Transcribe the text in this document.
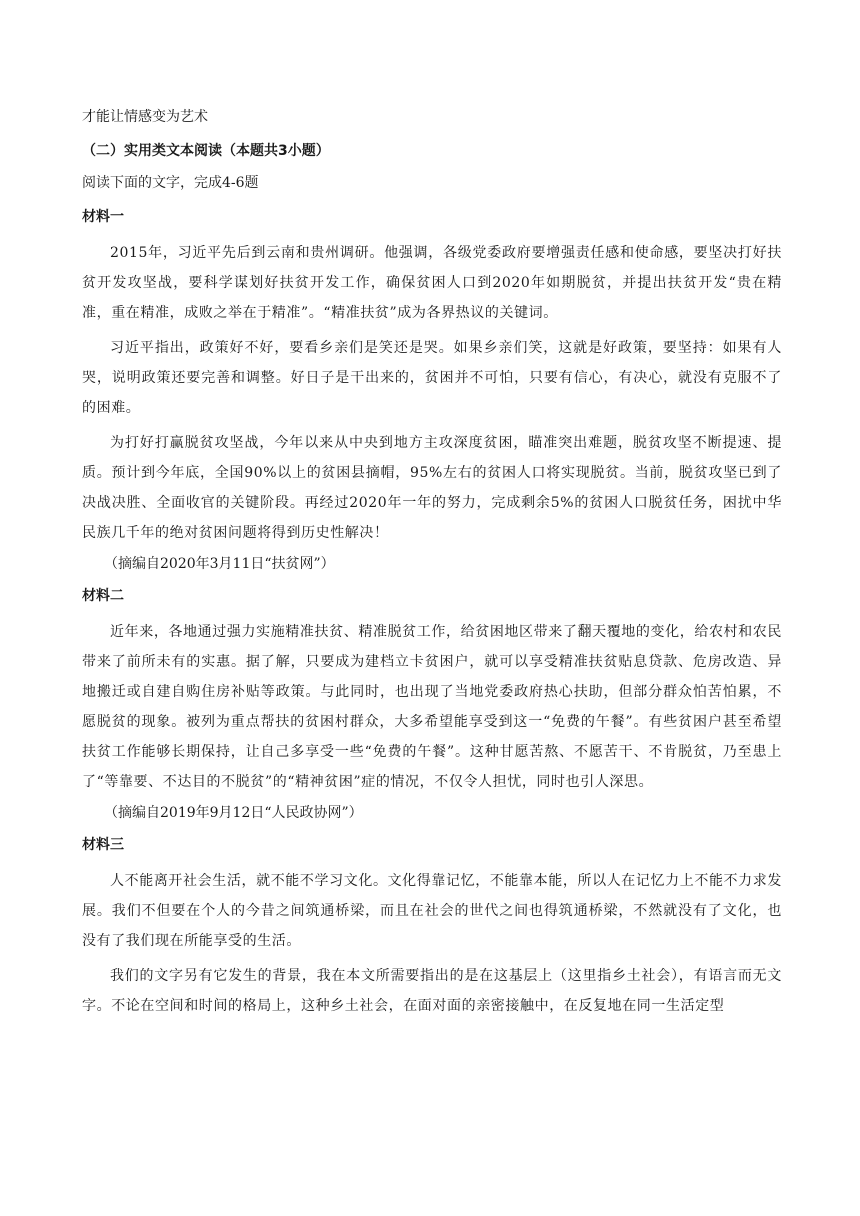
才能让情感变为艺术

（二）实用类文本阅读（本题共3小题）

阅读下面的文字，完成4-6题

材料一

2015年，习近平先后到云南和贵州调研。他强调，各级党委政府要增强责任感和使命感，要坚决打好扶贫开发攻坚战，要科学谋划好扶贫开发工作，确保贫困人口到2020年如期脱贫，并提出扶贫开发“贵在精准，重在精准，成败之举在于精准”。“精准扶贫”成为各界热议的关键词。

习近平指出，政策好不好，要看乡亲们是笑还是哭。如果乡亲们笑，这就是好政策，要坚持：如果有人哭，说明政策还要完善和调整。好日子是干出来的，贫困并不可怕，只要有信心，有决心，就没有克服不了的困难。

为打好打赢脱贫攻坚战，今年以来从中央到地方主攻深度贫困，瞄准突出难题，脱贫攻坚不断提速、提质。预计到今年底，全国90%以上的贫困县摘帽，95%左右的贫困人口将实现脱贫。当前，脱贫攻坚已到了决战决胜、全面收官的关键阶段。再经过2020年一年的努力，完成剩余5%的贫困人口脱贫任务，困扰中华民族几千年的绝对贫困问题将得到历史性解决！

（摘编自2020年3月11日“扶贫网”）

材料二

近年来，各地通过强力实施精准扶贫、精准脱贫工作，给贫困地区带来了翻天覆地的变化，给农村和农民带来了前所未有的实惠。据了解，只要成为建档立卡贫困户，就可以享受精准扶贫贴息贷款、危房改造、异地搬迁或自建自购住房补贴等政策。与此同时，也出现了当地党委政府热心扶助，但部分群众怕苦怕累，不愿脱贫的现象。被列为重点帮扶的贫困村群众，大多希望能享受到这一“免费的午餐”。有些贫困户甚至希望扶贫工作能够长期保持，让自己多享受一些“免费的午餐”。这种甘愿苦熬、不愿苦干、不肯脱贫，乃至患上了“等靠要、不达目的不脱贫”的“精神贫困”症的情况，不仅令人担忧，同时也引人深思。

（摘编自2019年9月12日“人民政协网”）

材料三

人不能离开社会生活，就不能不学习文化。文化得靠记忆，不能靠本能，所以人在记忆力上不能不力求发展。我们不但要在个人的今昔之间筑通桥梁，而且在社会的世代之间也得筑通桥梁，不然就没有了文化，也没有了我们现在所能享受的生活。

我们的文字另有它发生的背景，我在本文所需要指出的是在这基层上（这里指乡土社会），有语言而无文字。不论在空间和时间的格局上，这种乡土社会，在面对面的亲密接触中，在反复地在同一生活定型
